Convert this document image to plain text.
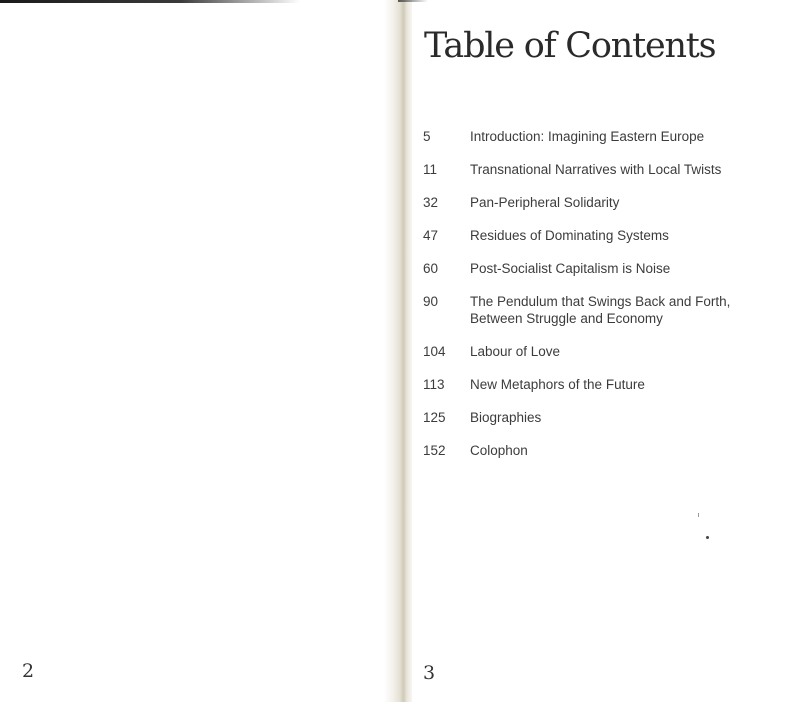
2
Table of Contents
5	Introduction: Imagining Eastern Europe
11	Transnational Narratives with Local Twists
32	Pan-Peripheral Solidarity
47	Residues of Dominating Systems
60	Post-Socialist Capitalism is Noise
90	The Pendulum that Swings Back and Forth,
Between Struggle and Economy
104	Labour of Love
113	New Metaphors of the Future
125	Biographies
152	Colophon
3
